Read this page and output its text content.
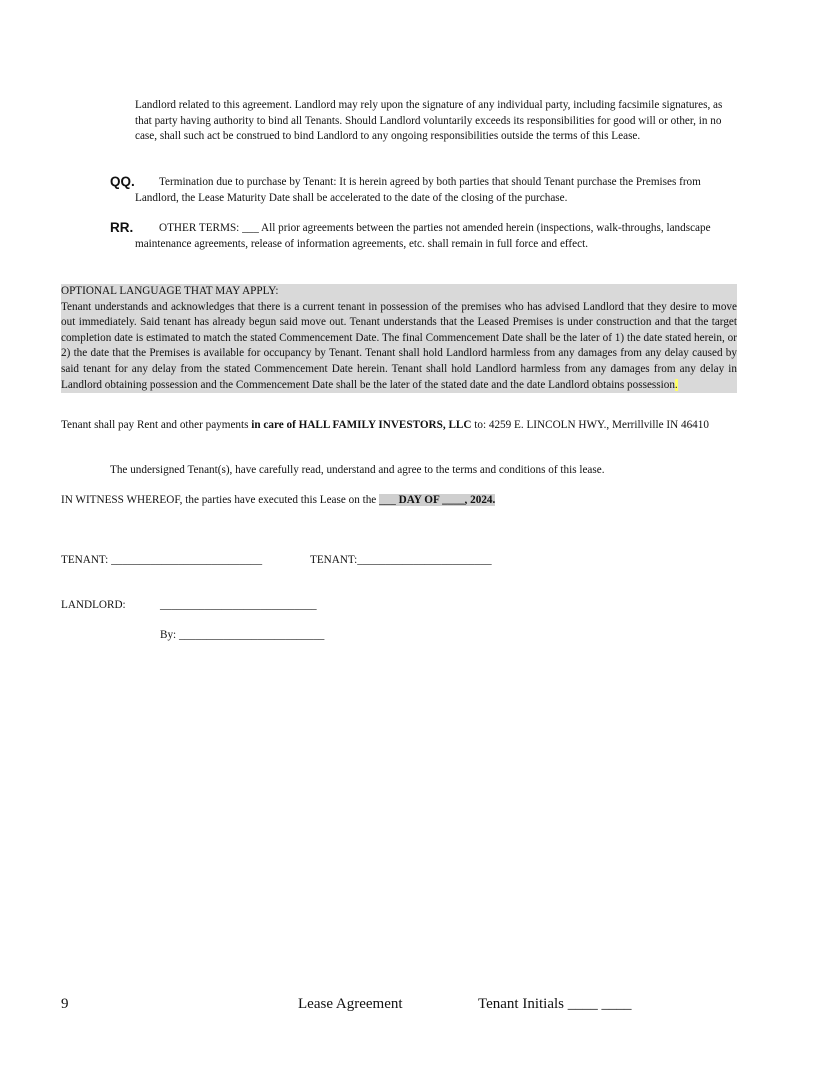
Landlord related to this agreement. Landlord may rely upon the signature of any individual party, including facsimile signatures, as that party having authority to bind all Tenants. Should Landlord voluntarily exceeds its responsibilities for good will or other, in no case, shall such act be construed to bind Landlord to any ongoing responsibilities outside the terms of this Lease.
QQ.	Termination due to purchase by Tenant: It is herein agreed by both parties that should Tenant purchase the Premises from Landlord, the Lease Maturity Date shall be accelerated to the date of the closing of the purchase.
RR.	OTHER TERMS: ___ All prior agreements between the parties not amended herein (inspections, walk-throughs, landscape maintenance agreements, release of information agreements, etc. shall remain in full force and effect.
OPTIONAL LANGUAGE THAT MAY APPLY:
Tenant understands and acknowledges that there is a current tenant in possession of the premises who has advised Landlord that they desire to move out immediately. Said tenant has already begun said move out. Tenant understands that the Leased Premises is under construction and that the target completion date is estimated to match the stated Commencement Date. The final Commencement Date shall be the later of 1) the date stated herein, or 2) the date that the Premises is available for occupancy by Tenant. Tenant shall hold Landlord harmless from any damages from any delay caused by said tenant for any delay from the stated Commencement Date herein. Tenant shall hold Landlord harmless from any damages from any delay in Landlord obtaining possession and the Commencement Date shall be the later of the stated date and the date Landlord obtains possession.
Tenant shall pay Rent and other payments in care of HALL FAMILY INVESTORS, LLC to: 4259 E. LINCOLN HWY., Merrillville IN 46410
The undersigned Tenant(s), have carefully read, understand and agree to the terms and conditions of this lease.
IN WITNESS WHEREOF, the parties have executed this Lease on the ___ DAY OF ____, 2024.
TENANT: ___________________________	TENANT:________________________
LANDLORD:	____________________________
By: __________________________
9	Lease Agreement	Tenant Initials ____ ____
